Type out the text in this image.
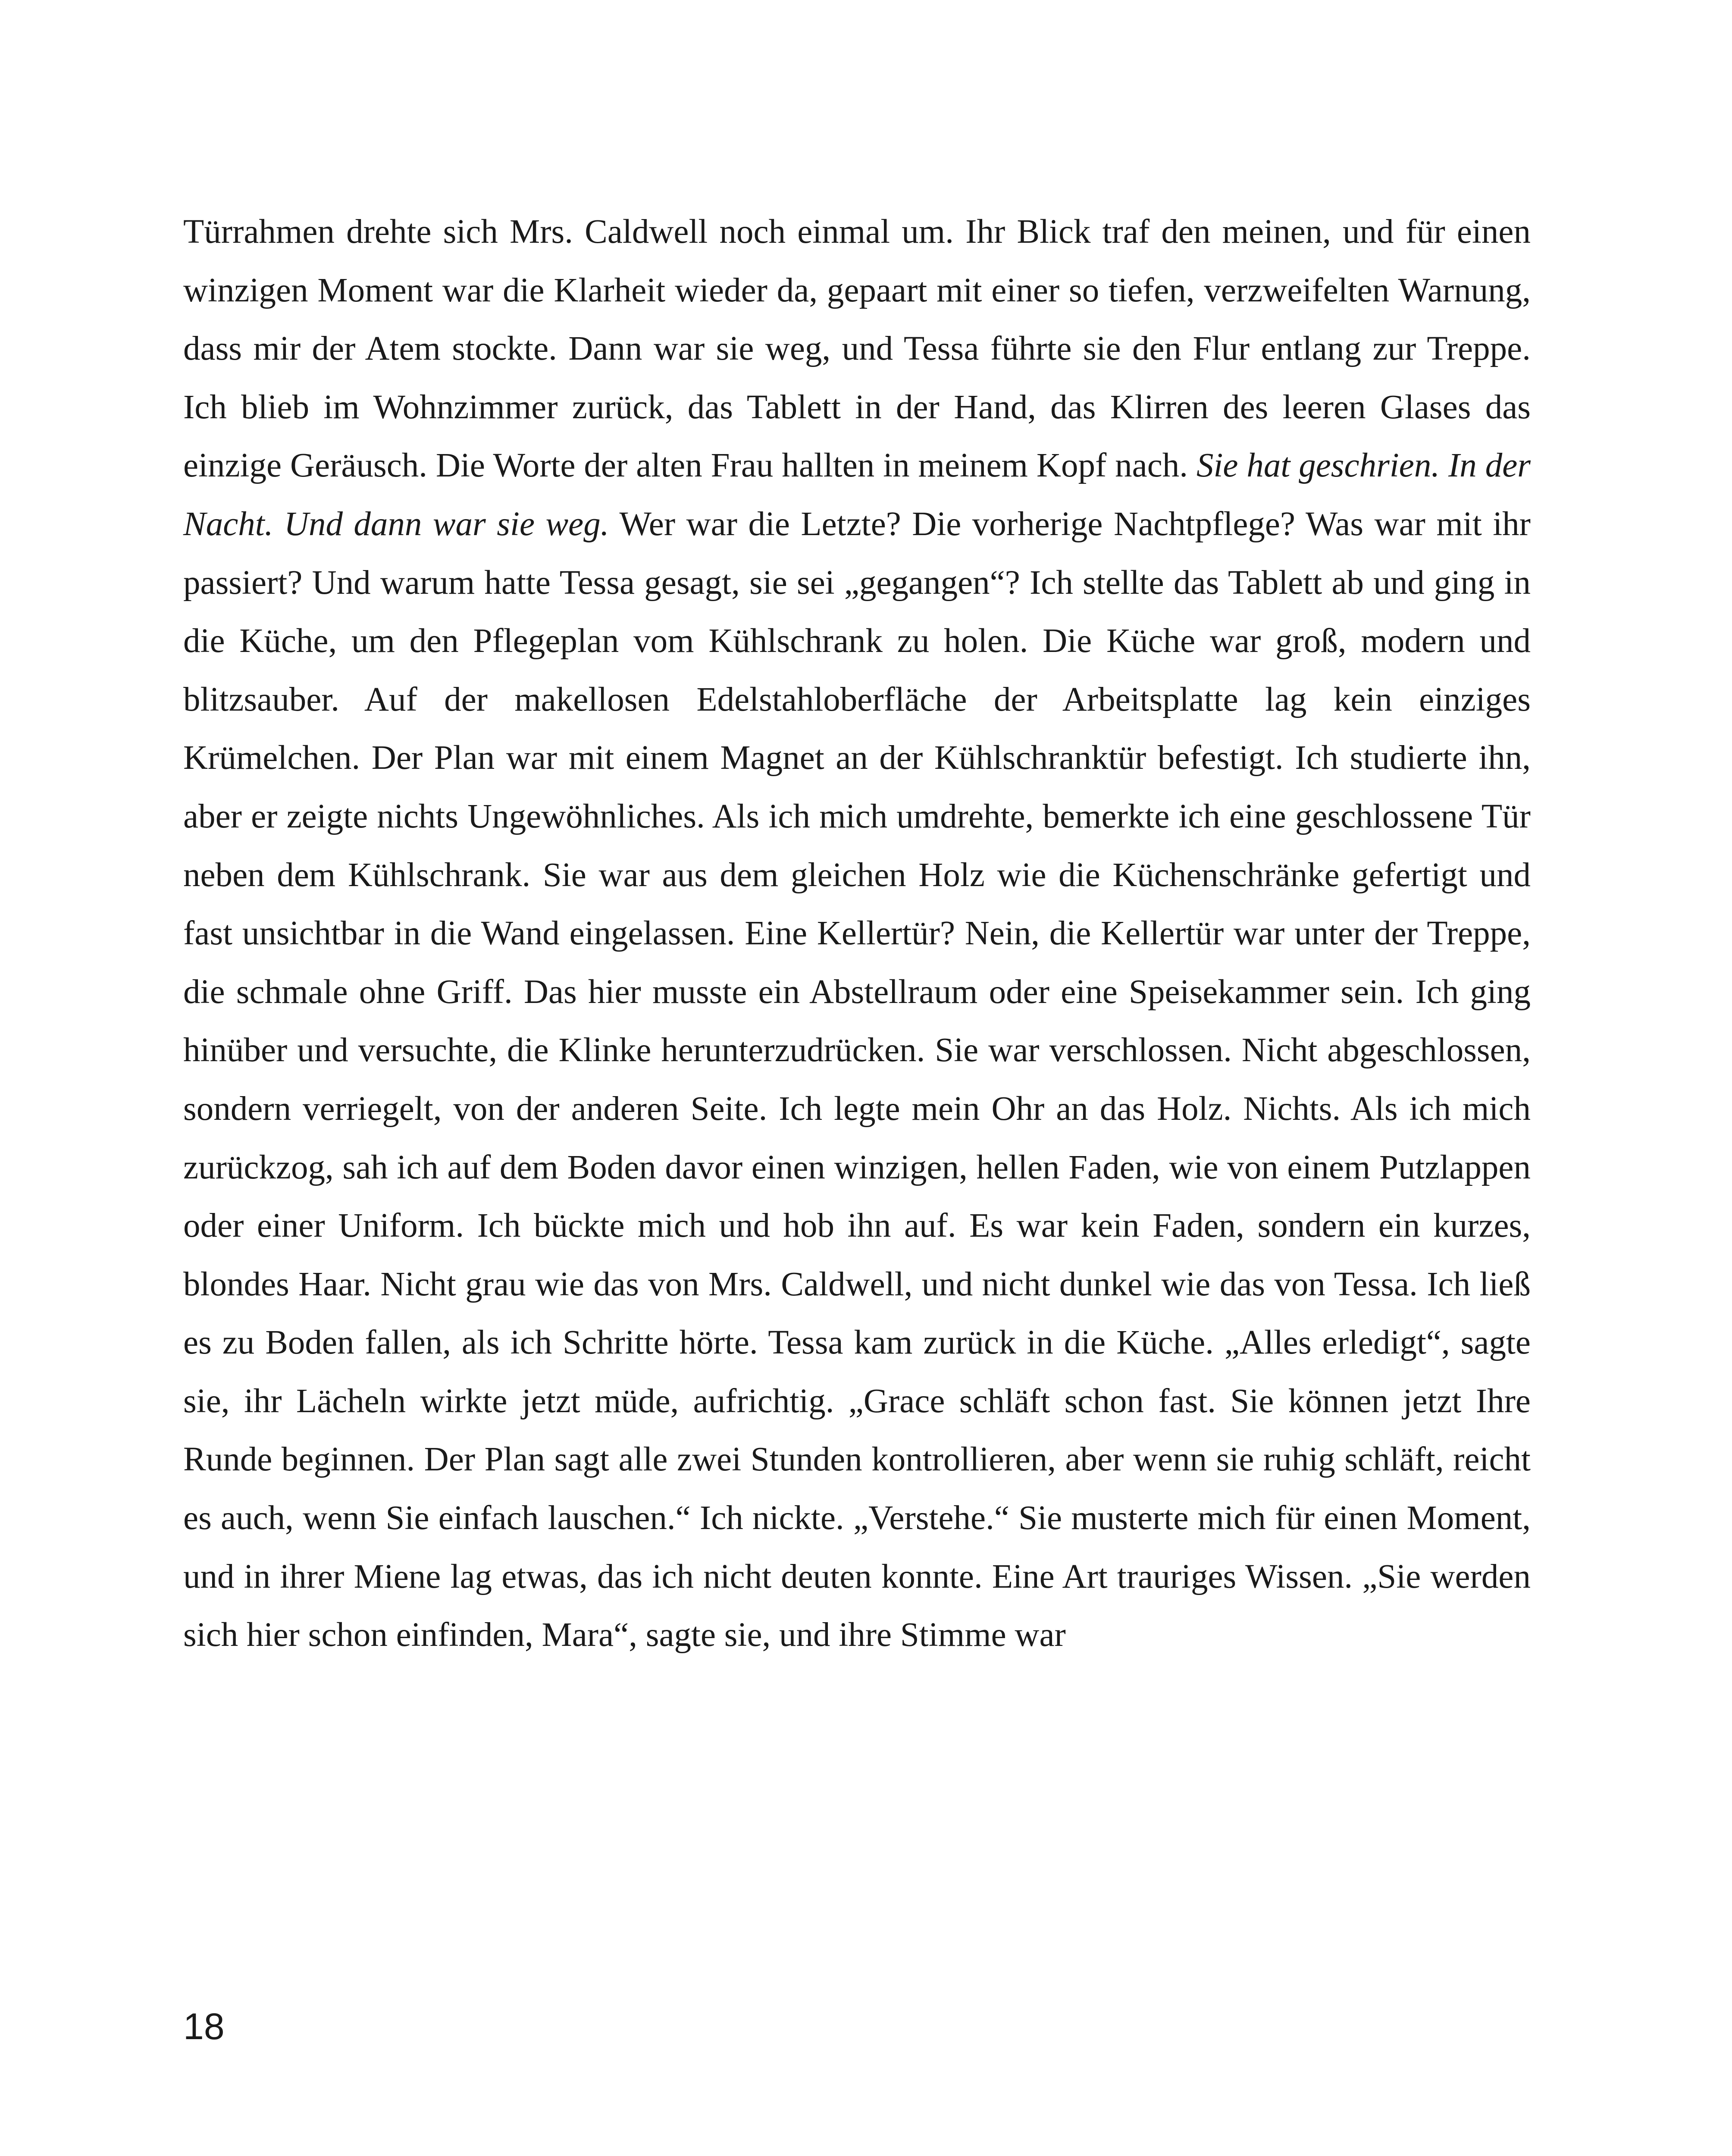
Türrahmen drehte sich Mrs. Caldwell noch einmal um. Ihr Blick traf den meinen, und für einen winzigen Moment war die Klarheit wieder da, gepaart mit einer so tiefen, verzweifelten Warnung, dass mir der Atem stockte. Dann war sie weg, und Tessa führte sie den Flur entlang zur Treppe. Ich blieb im Wohnzimmer zurück, das Tablett in der Hand, das Klirren des leeren Glases das einzige Geräusch. Die Worte der alten Frau hallten in meinem Kopf nach. Sie hat geschrien. In der Nacht. Und dann war sie weg. Wer war die Letzte? Die vorherige Nachtpflege? Was war mit ihr passiert? Und warum hatte Tessa gesagt, sie sei „gegangen“? Ich stellte das Tablett ab und ging in die Küche, um den Pflegeplan vom Kühlschrank zu holen. Die Küche war groß, modern und blitzsauber. Auf der makellosen Edelstahloberfläche der Arbeitsplatte lag kein einziges Krümelchen. Der Plan war mit einem Magnet an der Kühlschranktür befestigt. Ich studierte ihn, aber er zeigte nichts Ungewöhnliches. Als ich mich umdrehte, bemerkte ich eine geschlossene Tür neben dem Kühlschrank. Sie war aus dem gleichen Holz wie die Küchenschränke gefertigt und fast unsichtbar in die Wand eingelassen. Eine Kellertür? Nein, die Kellertür war unter der Treppe, die schmale ohne Griff. Das hier musste ein Abstellraum oder eine Speisekammer sein. Ich ging hinüber und versuchte, die Klinke herunterzudrücken. Sie war verschlossen. Nicht abgeschlossen, sondern verriegelt, von der anderen Seite. Ich legte mein Ohr an das Holz. Nichts. Als ich mich zurückzog, sah ich auf dem Boden davor einen winzigen, hellen Faden, wie von einem Putzlappen oder einer Uniform. Ich bückte mich und hob ihn auf. Es war kein Faden, sondern ein kurzes, blondes Haar. Nicht grau wie das von Mrs. Caldwell, und nicht dunkel wie das von Tessa. Ich ließ es zu Boden fallen, als ich Schritte hörte. Tessa kam zurück in die Küche. „Alles erledigt“, sagte sie, ihr Lächeln wirkte jetzt müde, aufrichtig. „Grace schläft schon fast. Sie können jetzt Ihre Runde beginnen. Der Plan sagt alle zwei Stunden kontrollieren, aber wenn sie ruhig schläft, reicht es auch, wenn Sie einfach lauschen.“ Ich nickte. „Verstehe.“ Sie musterte mich für einen Moment, und in ihrer Miene lag etwas, das ich nicht deuten konnte. Eine Art trauriges Wissen. „Sie werden sich hier schon einfinden, Mara“, sagte sie, und ihre Stimme war

18
